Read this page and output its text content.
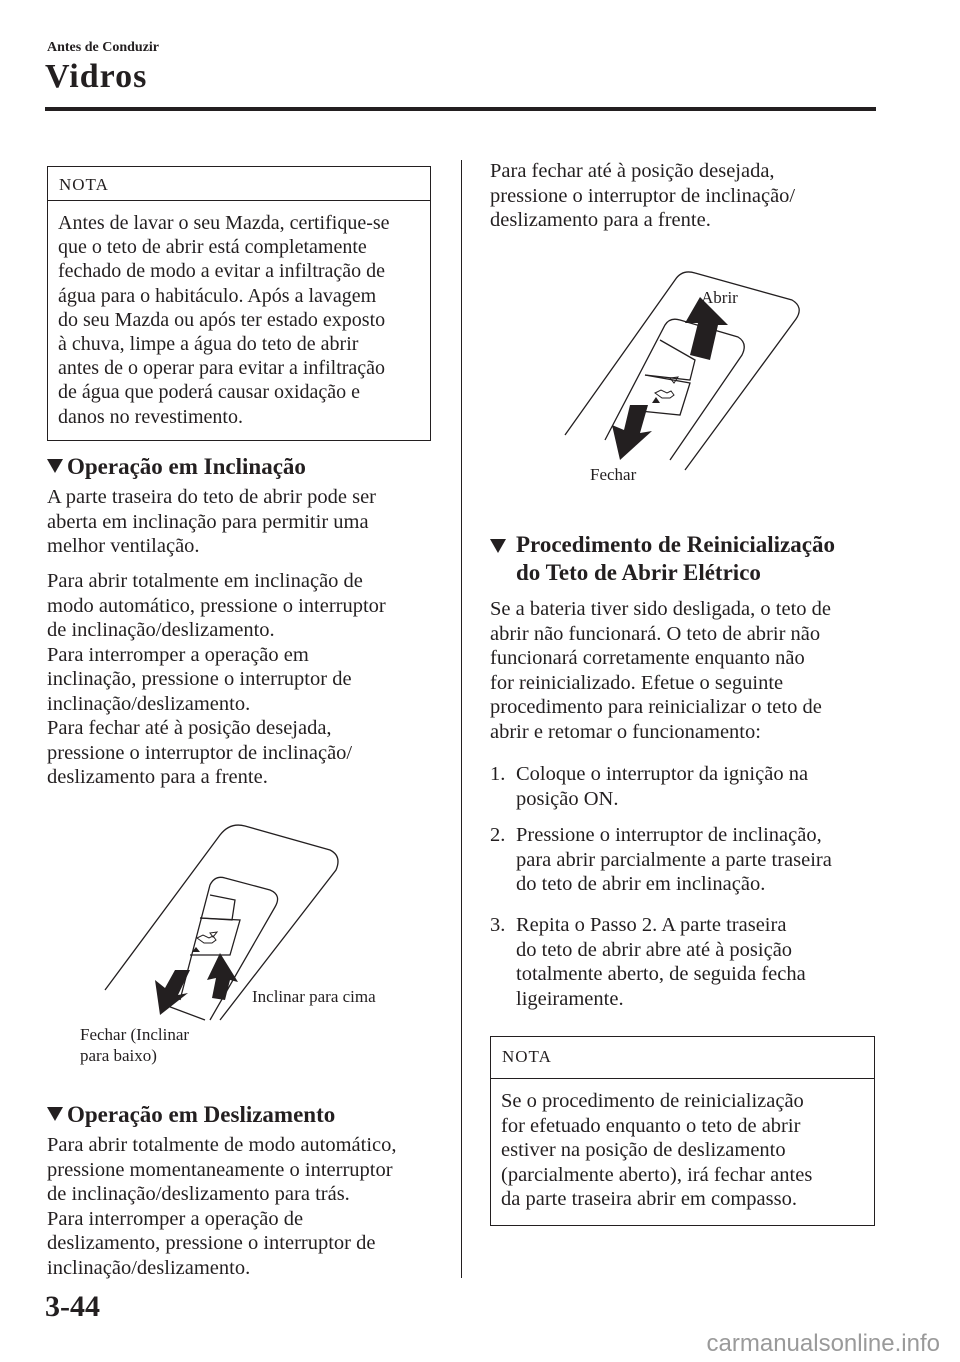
Antes de Conduzir
Vidros
NOTA
Antes de lavar o seu Mazda, certifique-se
que o teto de abrir está completamente
fechado de modo a evitar a infiltração de
água para o habitáculo. Após a lavagem
do seu Mazda ou após ter estado exposto
à chuva, limpe a água do teto de abrir
antes de o operar para evitar a infiltração
de água que poderá causar oxidação e
danos no revestimento.
Operação em Inclinação
A parte traseira do teto de abrir pode ser
aberta em inclinação para permitir uma
melhor ventilação.
Para abrir totalmente em inclinação de
modo automático, pressione o interruptor
de inclinação/deslizamento.
Para interromper a operação em
inclinação, pressione o interruptor de
inclinação/deslizamento.
Para fechar até à posição desejada,
pressione o interruptor de inclinação/
deslizamento para a frente.
Inclinar para cima
Fechar (Inclinar
para baixo)
Operação em Deslizamento
Para abrir totalmente de modo automático,
pressione momentaneamente o interruptor
de inclinação/deslizamento para trás.
Para interromper a operação de
deslizamento, pressione o interruptor de
inclinação/deslizamento.
Para fechar até à posição desejada,
pressione o interruptor de inclinação/
deslizamento para a frente.
Abrir
Fechar
Procedimento de Reinicialização
do Teto de Abrir Elétrico
Se a bateria tiver sido desligada, o teto de
abrir não funcionará. O teto de abrir não
funcionará corretamente enquanto não
for reinicializado. Efetue o seguinte
procedimento para reinicializar o teto de
abrir e retomar o funcionamento:
1. Coloque o interruptor da ignição na
posição ON.
2. Pressione o interruptor de inclinação,
para abrir parcialmente a parte traseira
do teto de abrir em inclinação.
3. Repita o Passo 2. A parte traseira
do teto de abrir abre até à posição
totalmente aberto, de seguida fecha
ligeiramente.
NOTA
Se o procedimento de reinicialização
for efetuado enquanto o teto de abrir
estiver na posição de deslizamento
(parcialmente aberto), irá fechar antes
da parte traseira abrir em compasso.
3-44
carmanualsonline.info
